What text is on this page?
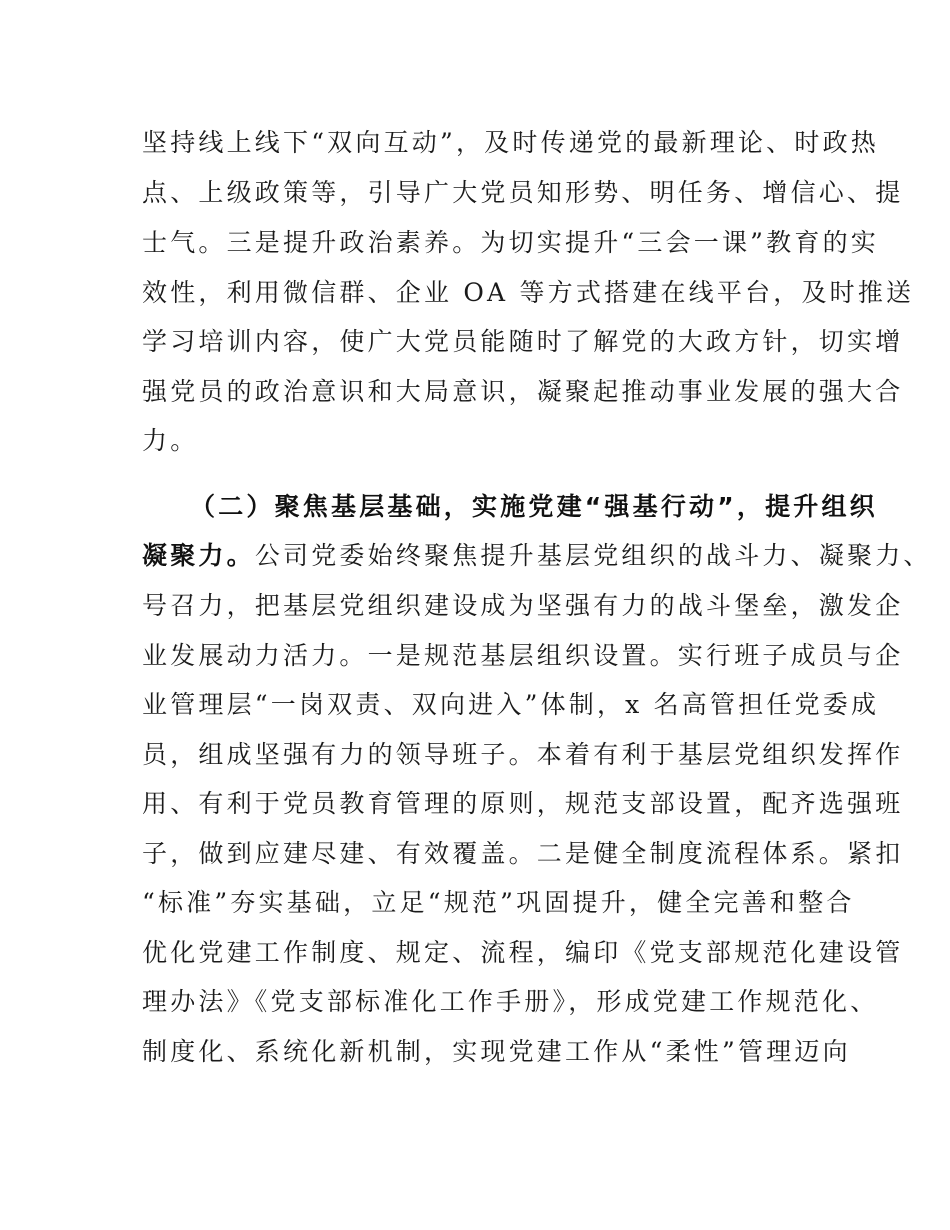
坚持线上线下“双向互动”，及时传递党的最新理论、时政热
点、上级政策等，引导广大党员知形势、明任务、增信心、提
士气。三是提升政治素养。为切实提升“三会一课”教育的实
效性，利用微信群、企业 OA 等方式搭建在线平台，及时推送
学习培训内容，使广大党员能随时了解党的大政方针，切实增
强党员的政治意识和大局意识，凝聚起推动事业发展的强大合
力。
（二）聚焦基层基础，实施党建“强基行动”，提升组织
凝聚力。公司党委始终聚焦提升基层党组织的战斗力、凝聚力、
号召力，把基层党组织建设成为坚强有力的战斗堡垒，激发企
业发展动力活力。一是规范基层组织设置。实行班子成员与企
业管理层“一岗双责、双向进入”体制，x 名高管担任党委成
员，组成坚强有力的领导班子。本着有利于基层党组织发挥作
用、有利于党员教育管理的原则，规范支部设置，配齐选强班
子，做到应建尽建、有效覆盖。二是健全制度流程体系。紧扣
“标准”夯实基础，立足“规范”巩固提升，健全完善和整合
优化党建工作制度、规定、流程，编印《党支部规范化建设管
理办法》《党支部标准化工作手册》，形成党建工作规范化、
制度化、系统化新机制，实现党建工作从“柔性”管理迈向
